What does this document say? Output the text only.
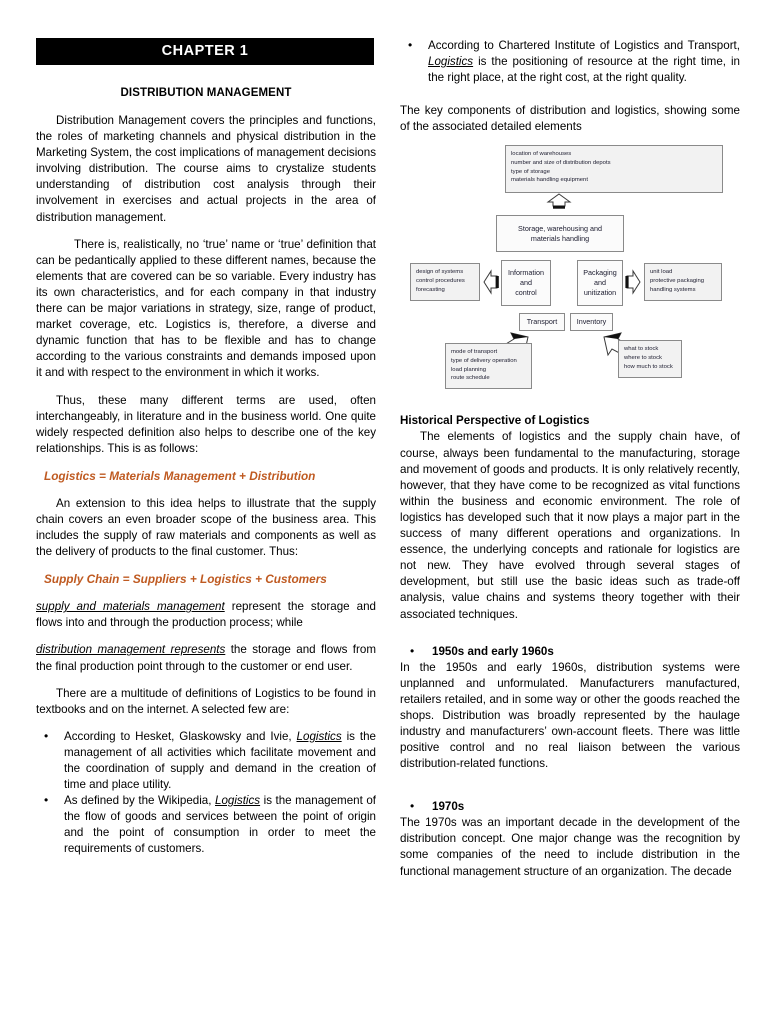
CHAPTER 1
DISTRIBUTION MANAGEMENT

Distribution Management covers the principles and functions, the roles of marketing channels and physical distribution in the Marketing System, the cost implications of management decisions involving distribution. The course aims to crystalize students understanding of distribution cost analysis through their involvement in exercises and actual projects in the area of distribution management.

There is, realistically, no ‘true’ name or ‘true’ definition that can be pedantically applied to these different names, because the elements that are covered can be so variable. Every industry has its own characteristics, and for each company in that industry there can be major variations in strategy, size, range of product, market coverage, etc. Logistics is, therefore, a diverse and dynamic function that has to be flexible and has to change according to the various constraints and demands imposed upon it and with respect to the environment in which it works.

Thus, these many different terms are used, often interchangeably, in literature and in the business world. One quite widely respected definition also helps to describe one of the key relationships. This is as follows:

Logistics = Materials Management + Distribution

An extension to this idea helps to illustrate that the supply chain covers an even broader scope of the business area. This includes the supply of raw materials and components as well as the delivery of products to the final customer. Thus:

Supply Chain = Suppliers + Logistics + Customers

supply and materials management represent the storage and flows into and through the production process; while

distribution management represents the storage and flows from the final production point through to the customer or end user.

There are a multitude of definitions of Logistics to be found in textbooks and on the internet. A selected few are:

• According to Hesket, Glaskowsky and Ivie, Logistics is the management of all activities which facilitate movement and the coordination of supply and demand in the creation of time and place utility.
• As defined by the Wikipedia, Logistics is the management of the flow of goods and services between the point of origin and the point of consumption in order to meet the requirements of customers.
• According to Chartered Institute of Logistics and Transport, Logistics is the positioning of resource at the right time, in the right place, at the right cost, at the right quality.

The key components of distribution and logistics, showing some of the associated detailed elements

location of warehouses
number and size of distribution depots
type of storage
materials handling equipment
Storage, warehousing and
materials handling
design of systems
control procedures
forecasting
Information
and
control
Packaging
and
unitization
unit load
protective packaging
handling systems
Transport	Inventory
mode of transport
type of delivery operation
load planning
route schedule
what to stock
where to stock
how much to stock
Historical Perspective of Logistics

The elements of logistics and the supply chain have, of course, always been fundamental to the manufacturing, storage and movement of goods and products. It is only relatively recently, however, that they have come to be recognized as vital functions within the business and economic environment. The role of logistics has developed such that it now plays a major part in the success of many different operations and organizations. In essence, the underlying concepts and rationale for logistics are not new. They have evolved through several stages of development, but still use the basic ideas such as trade-off analysis, value chains and systems theory together with their associated techniques.

• 1950s and early 1960s

In the 1950s and early 1960s, distribution systems were unplanned and unformulated. Manufacturers manufactured, retailers retailed, and in some way or other the goods reached the shops. Distribution was broadly represented by the haulage industry and manufacturers’ own-account fleets. There was little positive control and no real liaison between the various distribution-related functions.

• 1970s

The 1970s was an important decade in the development of the distribution concept. One major change was the recognition by some companies of the need to include distribution in the functional management structure of an organization. The decade
